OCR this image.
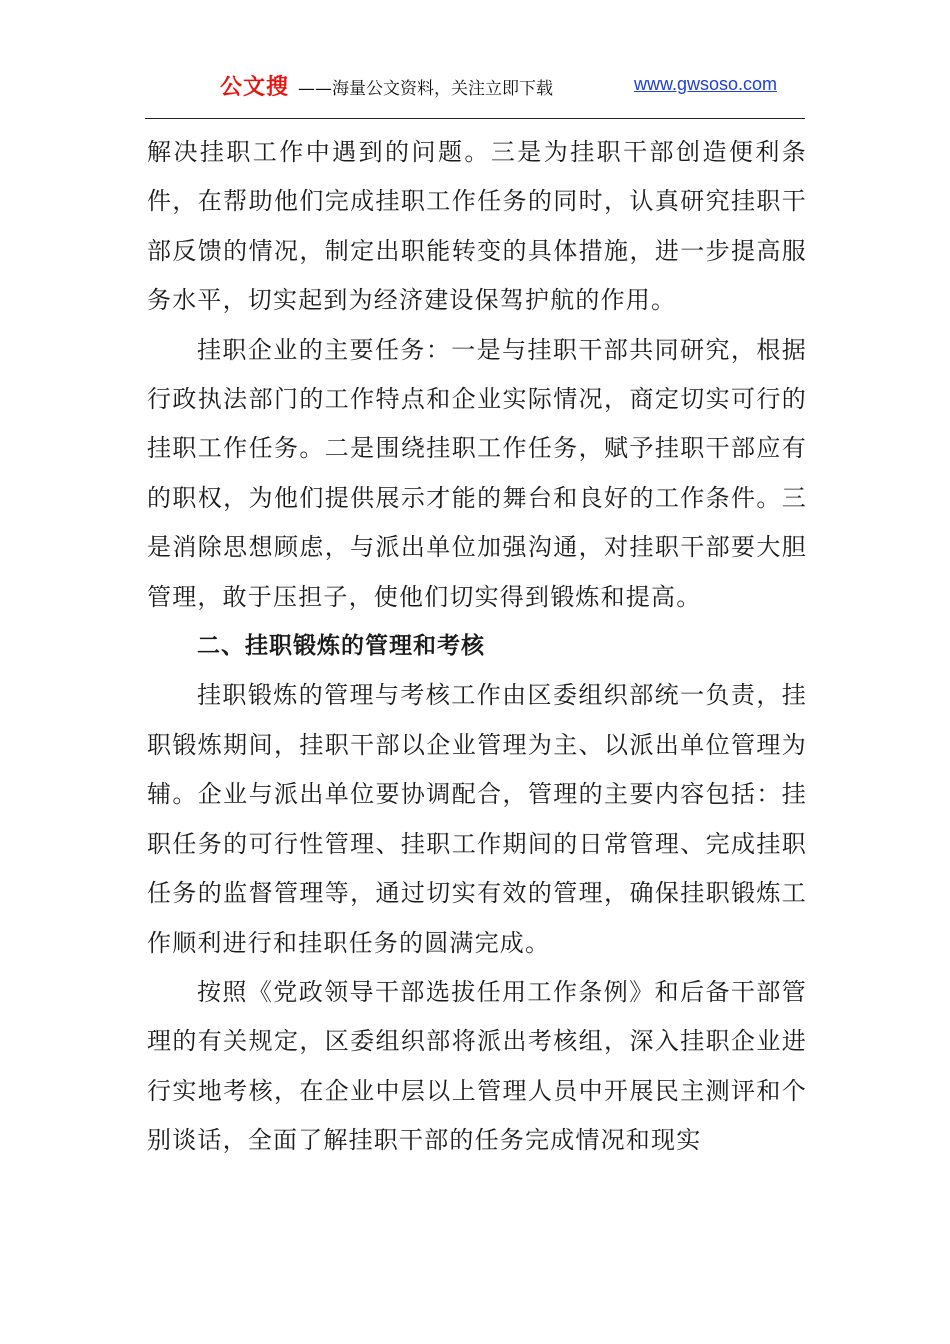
公文搜 ——海量公文资料，关注立即下载	www.gwsoso.com

解决挂职工作中遇到的问题。三是为挂职干部创造便利条件，在帮助他们完成挂职工作任务的同时，认真研究挂职干部反馈的情况，制定出职能转变的具体措施，进一步提高服务水平，切实起到为经济建设保驾护航的作用。

挂职企业的主要任务：一是与挂职干部共同研究，根据行政执法部门的工作特点和企业实际情况，商定切实可行的挂职工作任务。二是围绕挂职工作任务，赋予挂职干部应有的职权，为他们提供展示才能的舞台和良好的工作条件。三是消除思想顾虑，与派出单位加强沟通，对挂职干部要大胆管理，敢于压担子，使他们切实得到锻炼和提高。

二、挂职锻炼的管理和考核

挂职锻炼的管理与考核工作由区委组织部统一负责，挂职锻炼期间，挂职干部以企业管理为主、以派出单位管理为辅。企业与派出单位要协调配合，管理的主要内容包括：挂职任务的可行性管理、挂职工作期间的日常管理、完成挂职任务的监督管理等，通过切实有效的管理，确保挂职锻炼工作顺利进行和挂职任务的圆满完成。

按照《党政领导干部选拔任用工作条例》和后备干部管理的有关规定，区委组织部将派出考核组，深入挂职企业进行实地考核，在企业中层以上管理人员中开展民主测评和个别谈话，全面了解挂职干部的任务完成情况和现实
